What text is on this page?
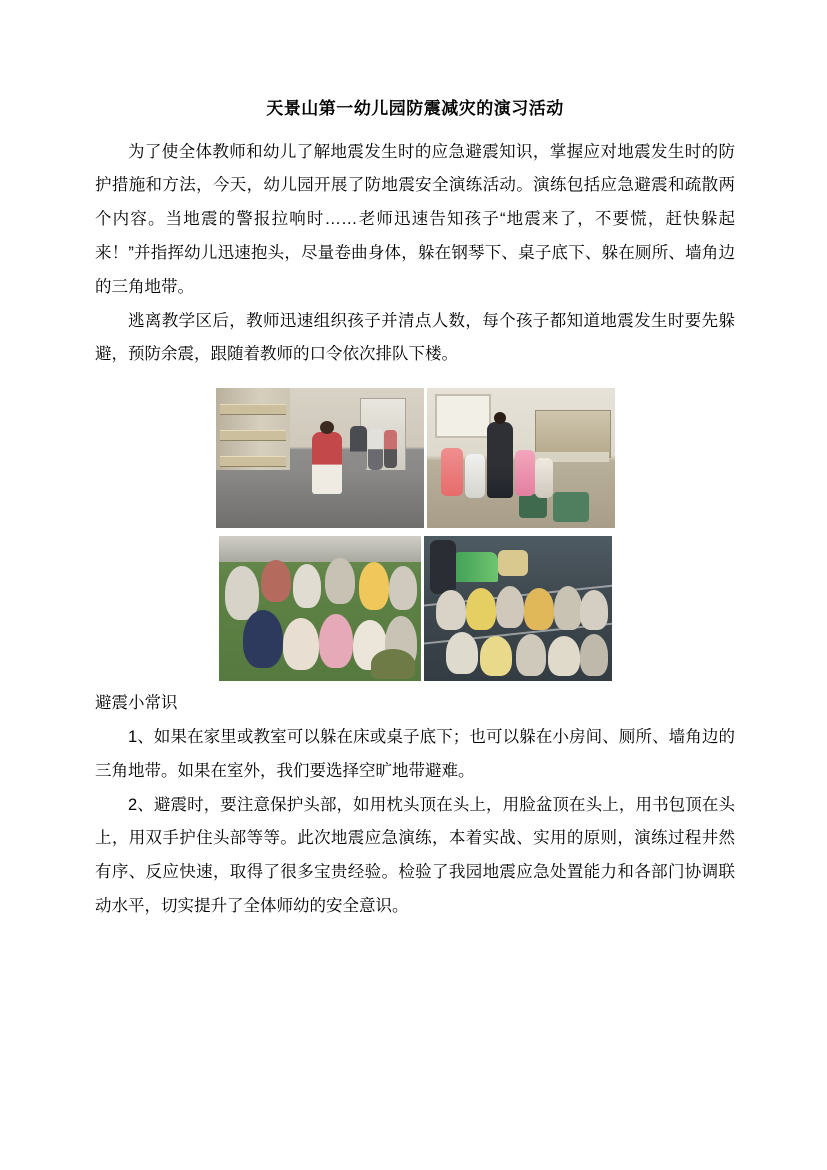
天景山第一幼儿园防震减灾的演习活动

为了使全体教师和幼儿了解地震发生时的应急避震知识，掌握应对地震发生时的防护措施和方法，今天，幼儿园开展了防地震安全演练活动。演练包括应急避震和疏散两个内容。当地震的警报拉响时……老师迅速告知孩子“地震来了，不要慌，赶快躲起来！”并指挥幼儿迅速抱头，尽量卷曲身体，躲在钢琴下、桌子底下、躲在厕所、墙角边的三角地带。

逃离教学区后，教师迅速组织孩子并清点人数，每个孩子都知道地震发生时要先躲避，预防余震，跟随着教师的口令依次排队下楼。

避震小常识

1、如果在家里或教室可以躲在床或桌子底下；也可以躲在小房间、厕所、墙角边的三角地带。如果在室外，我们要选择空旷地带避难。

2、避震时，要注意保护头部，如用枕头顶在头上，用脸盆顶在头上，用书包顶在头上，用双手护住头部等等。此次地震应急演练，本着实战、实用的原则，演练过程井然有序、反应快速，取得了很多宝贵经验。检验了我园地震应急处置能力和各部门协调联动水平，切实提升了全体师幼的安全意识。
